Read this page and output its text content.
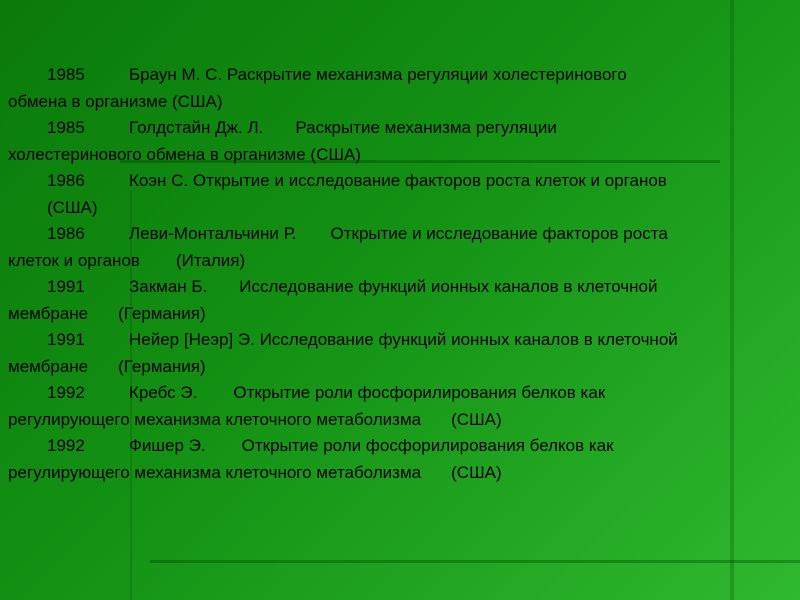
1985	Браун М. С. Раскрытие механизма регуляции холестеринового
обмена в организме (США)

1985	Голдстайн Дж. Л. Раскрытие механизма регуляции
холестеринового обмена в организме (США)

1986	Коэн С. Открытие и исследование факторов роста клеток и органов
(США)

1986	Леви-Монтальчини Р. Открытие и исследование факторов роста
клеток и органов (Италия)

1991	Закман Б. Исследование функций ионных каналов в клеточной
мембране (Германия)

1991	Нейер [Неэр] Э. Исследование функций ионных каналов в клеточной
мембране (Германия)

1992	Кребс Э. Открытие роли фосфорилирования белков как
регулирующего механизма клеточного метаболизма (США)

1992	Фишер Э. Открытие роли фосфорилирования белков как
регулирующего механизма клеточного метаболизма (США)
